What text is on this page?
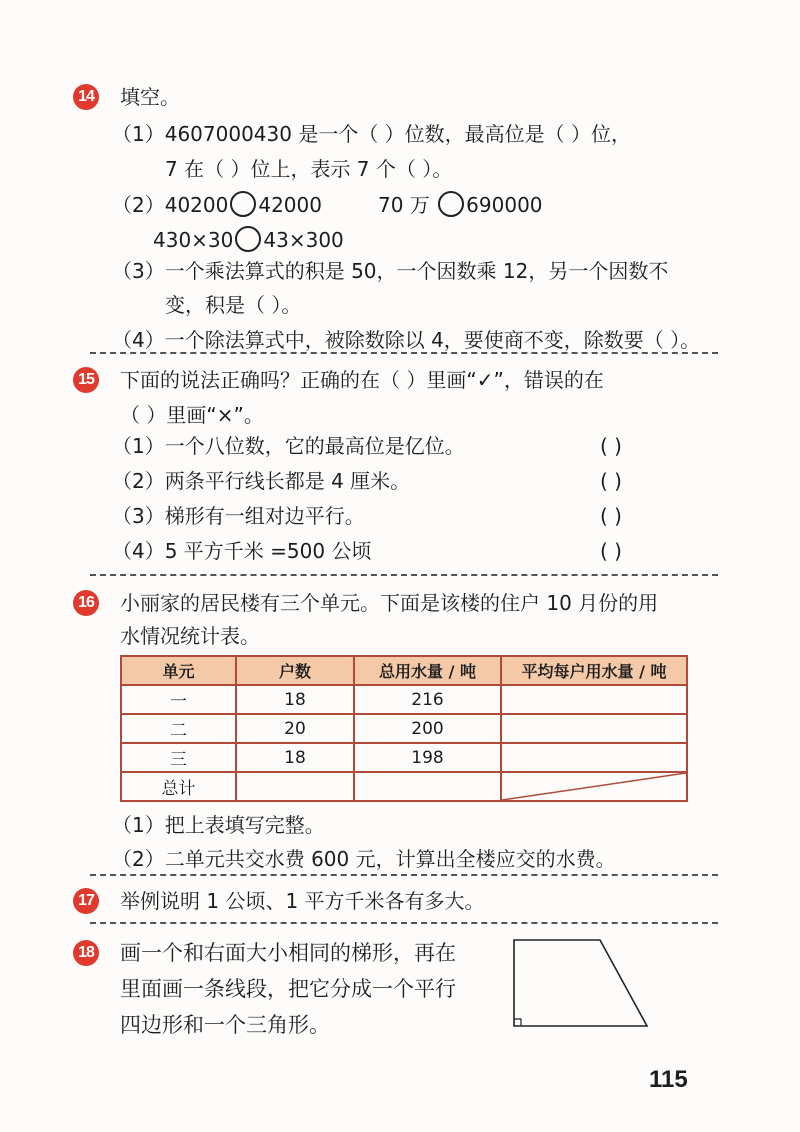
14 填空。
（1）4607000430 是一个（ ）位数，最高位是（ ）位，
7 在（ ）位上，表示 7 个（ ）。
（2）40200 42000	70 万 690000
430×30 43×300
（3）一个乘法算式的积是 50，一个因数乘 12，另一个因数不
变，积是（ ）。
（4）一个除法算式中，被除数除以 4，要使商不变，除数要（ ）。
15 下面的说法正确吗？正确的在（ ）里画“✓”，错误的在
（ ）里画“×”。
（1）一个八位数，它的最高位是亿位。	( )
（2）两条平行线长都是 4 厘米。	( )
（3）梯形有一组对边平行。	( )
（4）5 平方千米 =500 公顷	( )
16 小丽家的居民楼有三个单元。下面是该楼的住户 10 月份的用
水情况统计表。
单元	户数	总用水量 / 吨	平均每户用水量 / 吨
一	18	216	
二	20	200	
三	18	198	
总计			
（1）把上表填写完整。
（2）二单元共交水费 600 元，计算出全楼应交的水费。
17 举例说明 1 公顷、1 平方千米各有多大。
18 画一个和右面大小相同的梯形，再在
里面画一条线段，把它分成一个平行
四边形和一个三角形。
115
